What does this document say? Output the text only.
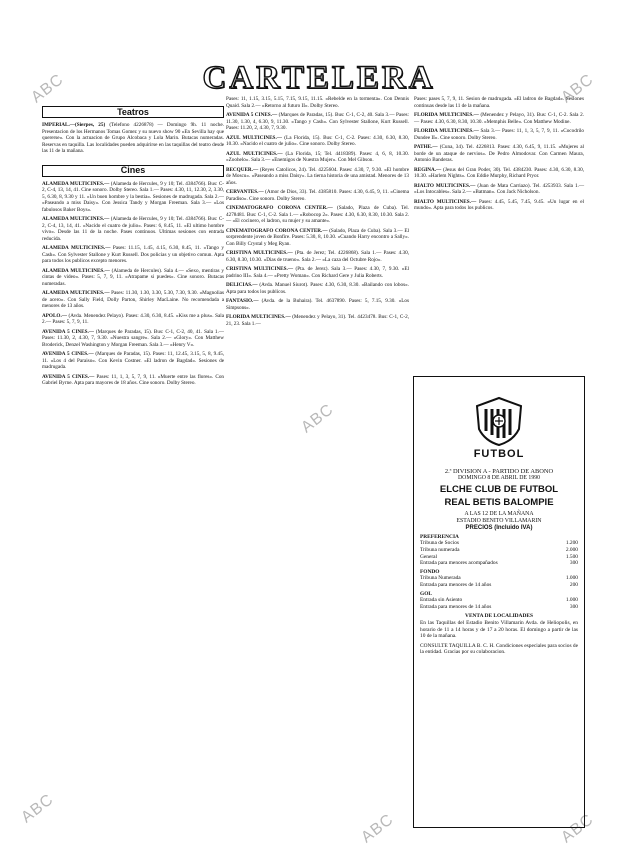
ABC	ABC
ABC
ABC
ABC	ABC
CARTELERA
Teatros

IMPERIAL.—(Sierpes, 25) (Telefono 4226878) — Domingo 9h. 11 noche. Presentacion de los Hermanos Tomas Gomez y su nuevo show 90 «En Sevilla hay que quererse». Con la actuacion de Grupo Alcobaca y Lola Marin. Butacas numeradas. Reservas en taquilla. Las localidades pueden adquirirse en las taquillas del teatro desde las 11 de la mañana.

Cines

ALAMEDA MULTICINES.— (Alameda de Hercules, 9 y 10; Tel. 4384766). Bus: C-2, C-4, 13, 14, 41. Cine sonoro. Dolby Stereo. Sala 1.— Pases: 4.30, 11, 12.30, 2, 3.30, 5, 6.30, 8, 9.30 y 11. «Un buen hombre y la bestia». Sesiones de madrugada. Sala 2.— «Paseando a miss Daisy». Con Jessica Tandy y Morgan Freeman. Sala 3.— «Los fabulosos Baker Boys».

ALAMEDA MULTICINES.— (Alameda de Hercules, 9 y 10; Tel. 4384766). Bus: C-2, C-4, 13, 14, 41. «Nacido el cuatro de julio». Pases: 6, 8.45, 11. «El ultimo hombre vivo». Desde las 11 de la noche. Pases continuos. Ultimas sesiones con entrada reducida.

ALAMEDA MULTICINES.— Pases: 11.15, 1.45, 4.15, 6.30, 8.45, 11. «Tango y Cash». Con Sylvester Stallone y Kurt Russell. Dos policias y un objetivo comun. Apta para todos los publicos excepto menores.

ALAMEDA MULTICINES.— (Alameda de Hercules). Sala 4.— «Sexo, mentiras y cintas de video». Pases: 5, 7, 9, 11. «Atrapame si puedes». Cine sonoro. Butacas numeradas.

ALAMEDA MULTICINES.— Pases: 11.30, 1.30, 3.30, 5.30, 7.30, 9.30. «Magnolias de acero». Con Sally Field, Dolly Parton, Shirley MacLaine. No recomendada a menores de 13 años.

APOLO.— (Avda. Menendez Pelayo). Pases: 4.30, 6.30, 8.45. «Kiss me a plus». Sala 2.— Pases: 5, 7, 9, 11.

AVENIDA 5 CINES.— (Marques de Paradas, 15). Bus: C-1, C-2, 40, 41. Sala 1.— Pases: 11.30, 2, 4.30, 7, 9.30. «Nuestra sangre». Sala 2.— «Glory». Con Matthew Broderick, Denzel Washington y Morgan Freeman. Sala 3.— «Henry V».

AVENIDA 5 CINES.— (Marques de Paradas, 15). Pases: 11, 12.45, 3.15, 5, 8, 9.45, 11. «Los 4 del Paraiso». Con Kevin Costner. «El ladron de Bagdad». Sesiones de madrugada.

AVENIDA 5 CINES.— Pases: 11, 1, 3, 5, 7, 9, 11. «Muerte entre las flores». Con Gabriel Byrne. Apta para mayores de 18 años. Cine sonoro. Dolby Stereo.

Pases: 11, 1.15, 3.15, 5.15, 7.15, 9.15, 11.15. «Rebelde en la tormenta». Con Dennis Quaid. Sala 2.— «Retorno al futuro II». Dolby Stereo.

AVENIDA 5 CINES.— (Marques de Paradas, 15). Bus: C-1, C-2, 40. Sala 3.— Pases: 11.30, 1.30, 4, 6.30, 9, 11.30. «Tango y Cash». Con Sylvester Stallone, Kurt Russell. Pases: 11.20, 2, 4.30, 7, 9.30.

AZUL MULTICINES.— (La Florida, 15). Bus: C-1, C-2. Pases: 4.30, 6.30, 8.30, 10.30. «Nacido el cuatro de julio». Cine sonoro. Dolby Stereo.

AZUL MULTICINES.— (La Florida, 15; Tel. 4418389). Pases: 4, 6, 8, 10.30. «Zoohelo». Sala 3.— «Enemigos de Nuestra Mujer». Con Mel Gibson.

BECQUER.— (Reyes Catolicos, 24). Tel. 4225604. Pases: 4.30, 7, 9.30. «El hombre de Moscu». «Paseando a miss Daisy». La tierna historia de una amistad. Menores de 13 años.

CERVANTES.— (Amor de Dios, 33). Tel. 4385810. Pases: 4.30, 6.45, 9, 11. «Cinema Paradiso». Cine sonoro. Dolby Stereo.

CINEMATOGRAFO CORONA CENTER.— (Salado, Plaza de Cuba). Tel. 4278481. Bus: C-1, C-2. Sala 1.— «Robocop 2». Pases: 4.30, 6.30, 8.30, 10.30. Sala 2.— «El cocinero, el ladron, su mujer y su amante».

CINEMATOGRAFO CORONA CENTER.— (Salado, Plaza de Cuba). Sala 3.— El sorprendente joven de Bonfire. Pases: 5.30, 8, 10.30. «Cuando Harry encontro a Sally». Con Billy Crystal y Meg Ryan.

CRISTINA MULTICINES.— (Pta. de Jerez; Tel. 4226868). Sala 1.— Pases: 4.30, 6.30, 8.30, 10.30. «Dias de trueno». Sala 2.— «La caza del Octubre Rojo».

CRISTINA MULTICINES.— (Pta. de Jerez). Sala 3.— Pases: 4.30, 7, 9.30. «El padrino III». Sala 4.— «Pretty Woman». Con Richard Gere y Julia Roberts.

DELICIAS.— (Avda. Manuel Siurot). Pases: 4.30, 6.30, 8.30. «Bailando con lobos». Apta para todos los publicos.

FANTASIO.— (Avda. de la Buhaira). Tel. 4637890. Pases: 5, 7.15, 9.30. «Los Simpsons».

FLORIDA MULTICINES.— (Menendez y Pelayo, 31). Tel. 4423478. Bus: C-1, C-2, 21, 23. Sala 1.—

Pases: pases 5, 7, 9, 11. Sesion de madrugada. «El ladron de Bagdad». Sesiones continuas desde las 11 de la mañana.

FLORIDA MULTICINES.— (Menendez y Pelayo, 31). Bus: C-1, C-2. Sala 2.— Pases: 4.30, 6.30, 8.30, 10.30. «Memphis Belle». Con Matthew Modine.

FLORIDA MULTICINES.— Sala 3.— Pases: 11, 1, 3, 5, 7, 9, 11. «Cocodrilo Dundee II». Cine sonoro. Dolby Stereo.

PATHE.— (Cuna, 34). Tel. 4226813. Pases: 4.30, 6.45, 9, 11.15. «Mujeres al borde de un ataque de nervios». De Pedro Almodovar. Con Carmen Maura, Antonio Banderas.

REGINA.— (Jesus del Gran Poder, 30). Tel. 4384230. Pases: 4.30, 6.30, 8.30, 10.30. «Harlem Nights». Con Eddie Murphy, Richard Pryor.

RIALTO MULTICINES.— (Juan de Mata Carriazo). Tel. 4253933. Sala 1.— «Los Intocables». Sala 2.— «Batman». Con Jack Nicholson.

RIALTO MULTICINES.— Pases: 4.45, 5.45, 7.45, 9.45. «Un lugar en el mundo». Apta para todos los publicos.

FUTBOL
2.ª DIVISION A - PARTIDO DE ABONO
DOMINGO 8 DE ABRIL DE 1990
ELCHE CLUB DE FUTBOL
REAL BETIS BALOMPIE
A LAS 12 DE LA MAÑANA
ESTADIO BENITO VILLAMARIN
PRECIOS (Incluido IVA)
PREFERENCIA
Tribuna de Socios	1.200
Tribuna numerada	2.000
General	1.500
Entrada para menores acompañados	300
FONDO
Tribuna Numerada	1.000
Entrada para menores de 14 años	200
GOL
Entrada sin Asiento	1.000
Entrada para menores de 14 años	300
VENTA DE LOCALIDADES

En las Taquillas del Estadio Benito Villamarin Avda. de Heliopolis, en horario de 11 a 14 horas y de 17 a 20 horas. El domingo a partir de las 10 de la mañana.

CONSULTE TAQUILLA B. C. H. Condiciones especiales para socios de la entidad. Gracias por su colaboracion.
